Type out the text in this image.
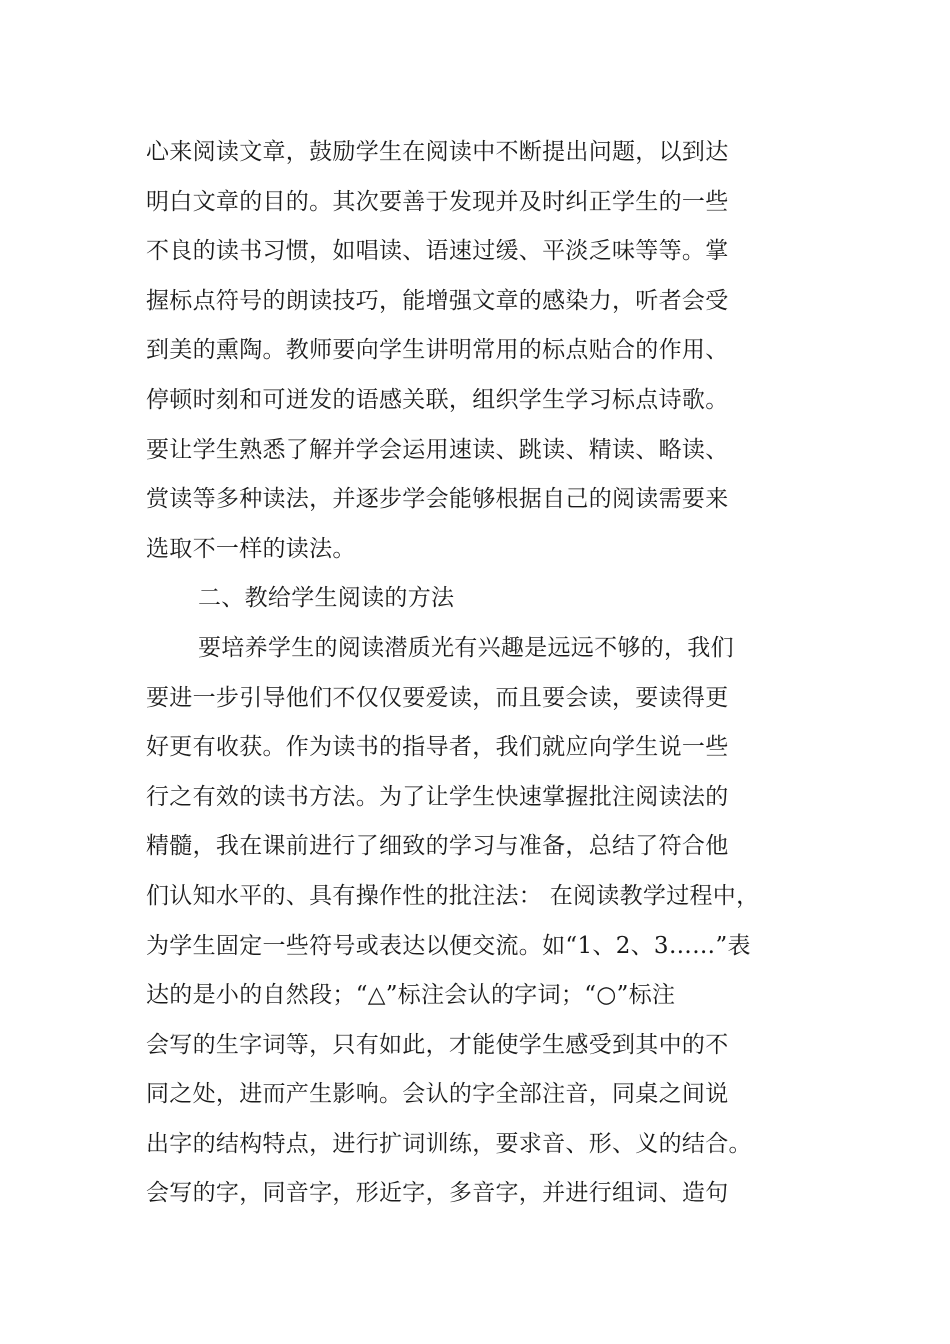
心来阅读文章，鼓励学生在阅读中不断提出问题，以到达
明白文章的目的。其次要善于发现并及时纠正学生的一些
不良的读书习惯，如唱读、语速过缓、平淡乏味等等。掌
握标点符号的朗读技巧，能增强文章的感染力，听者会受
到美的熏陶。教师要向学生讲明常用的标点贴合的作用、
停顿时刻和可迸发的语感关联，组织学生学习标点诗歌。
要让学生熟悉了解并学会运用速读、跳读、精读、略读、
赏读等多种读法，并逐步学会能够根据自己的阅读需要来
选取不一样的读法。
二、教给学生阅读的方法
要培养学生的阅读潜质光有兴趣是远远不够的，我们
要进一步引导他们不仅仅要爱读，而且要会读，要读得更
好更有收获。作为读书的指导者，我们就应向学生说一些
行之有效的读书方法。为了让学生快速掌握批注阅读法的
精髓，我在课前进行了细致的学习与准备，总结了符合他
们认知水平的、具有操作性的批注法： 在阅读教学过程中，
为学生固定一些符号或表达以便交流。如“1、2、3……”表
达的是小的自然段；“△”标注会认的字词；“○”标注
会写的生字词等，只有如此，才能使学生感受到其中的不
同之处，进而产生影响。会认的字全部注音，同桌之间说
出字的结构特点，进行扩词训练，要求音、形、义的结合。
会写的字，同音字，形近字，多音字，并进行组词、造句
